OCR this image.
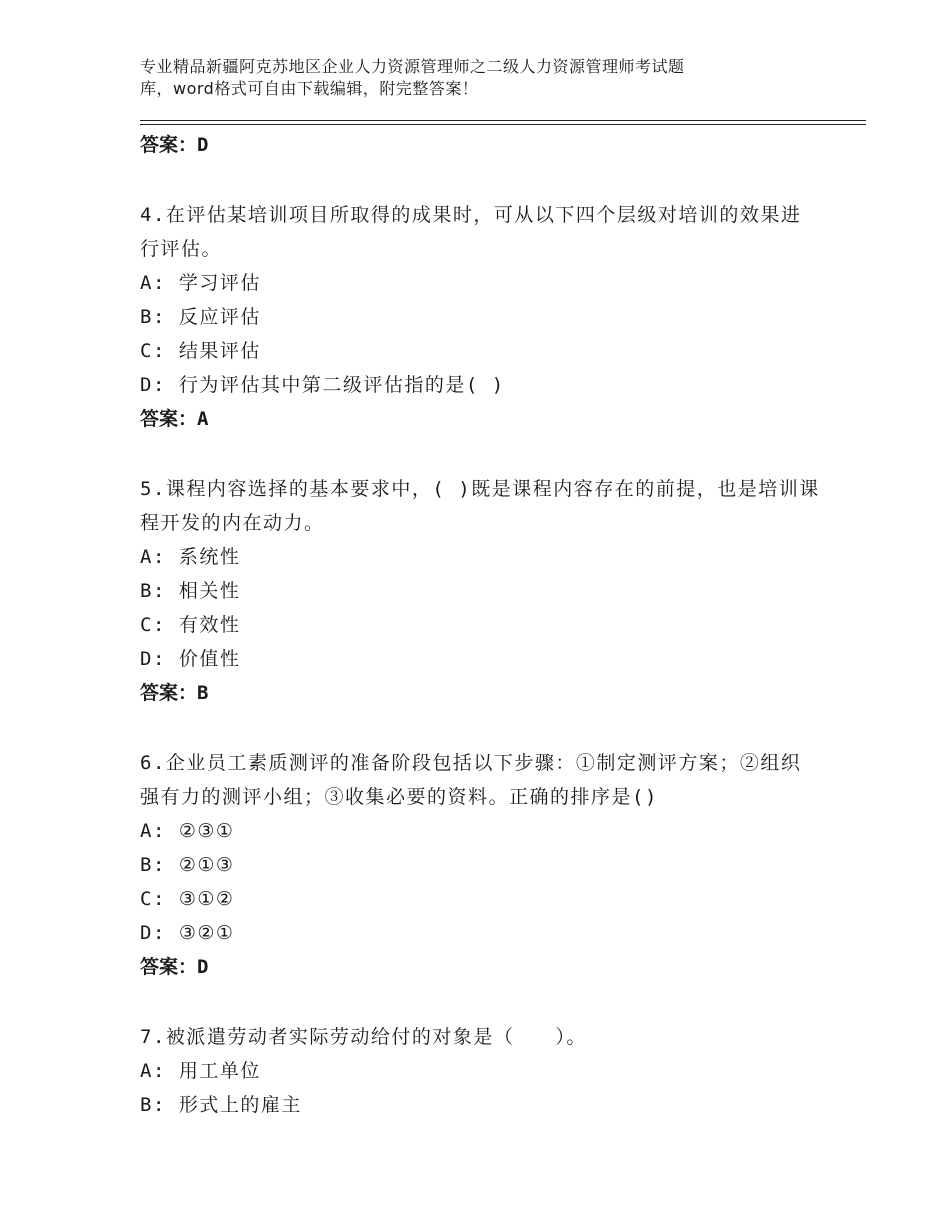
专业精品新疆阿克苏地区企业人力资源管理师之二级人力资源管理师考试题
库，word格式可自由下载编辑，附完整答案！
答案：D
4.在评估某培训项目所取得的成果时，可从以下四个层级对培训的效果进行评估。
A: 学习评估
B: 反应评估
C: 结果评估
D: 行为评估其中第二级评估指的是( )
答案：A
5.课程内容选择的基本要求中，( )既是课程内容存在的前提，也是培训课程开发的内在动力。
A: 系统性
B: 相关性
C: 有效性
D: 价值性
答案：B
6.企业员工素质测评的准备阶段包括以下步骤：①制定测评方案；②组织强有力的测评小组；③收集必要的资料。正确的排序是()
A: ②③①
B: ②①③
C: ③①②
D: ③②①
答案：D
7.被派遣劳动者实际劳动给付的对象是（　　）。
A: 用工单位
B: 形式上的雇主
